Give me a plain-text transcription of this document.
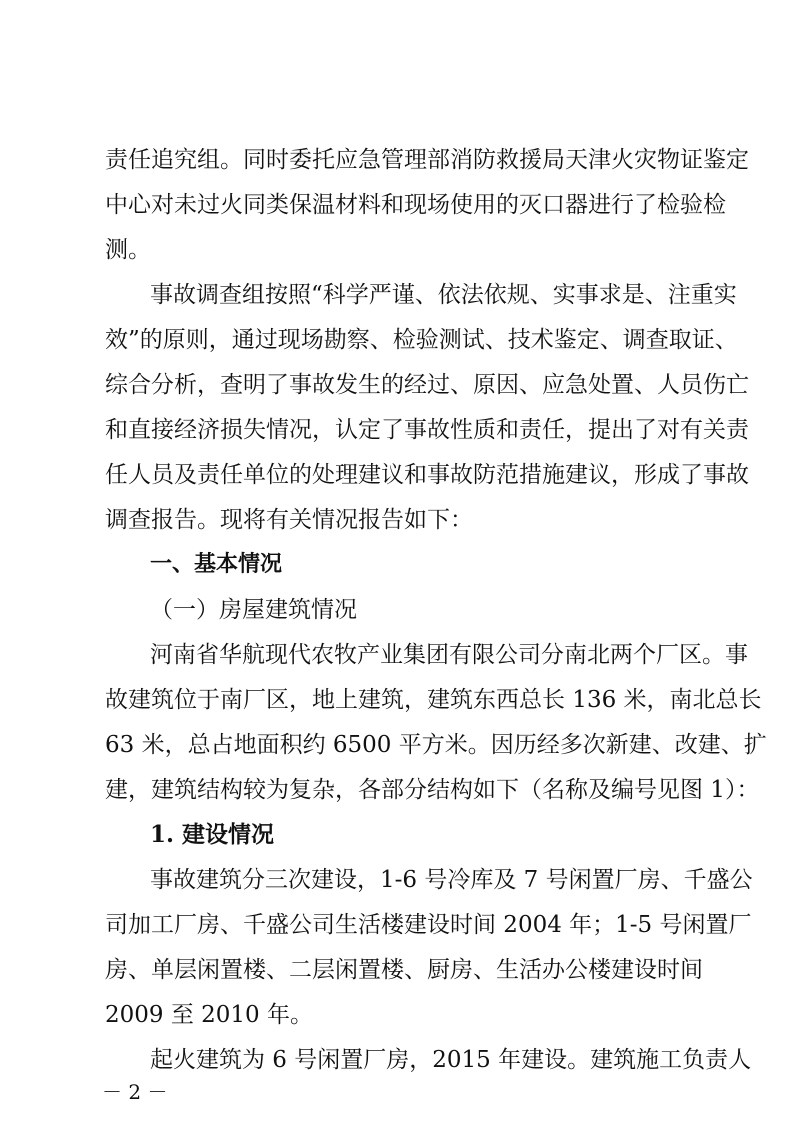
责任追究组。同时委托应急管理部消防救援局天津火灾物证鉴定
中心对未过火同类保温材料和现场使用的灭口器进行了检验检
测。
事故调查组按照“科学严谨、依法依规、实事求是、注重实
效”的原则，通过现场勘察、检验测试、技术鉴定、调查取证、
综合分析，查明了事故发生的经过、原因、应急处置、人员伤亡
和直接经济损失情况，认定了事故性质和责任，提出了对有关责
任人员及责任单位的处理建议和事故防范措施建议，形成了事故
调查报告。现将有关情况报告如下：
一、基本情况
（一）房屋建筑情况
河南省华航现代农牧产业集团有限公司分南北两个厂区。事
故建筑位于南厂区，地上建筑，建筑东西总长 136 米，南北总长
63 米，总占地面积约 6500 平方米。因历经多次新建、改建、扩
建，建筑结构较为复杂，各部分结构如下（名称及编号见图 1）：
1. 建设情况
事故建筑分三次建设，1-6 号冷库及 7 号闲置厂房、千盛公
司加工厂房、千盛公司生活楼建设时间 2004 年；1-5 号闲置厂
房、单层闲置楼、二层闲置楼、厨房、生活办公楼建设时间
2009 至 2010 年。
起火建筑为 6 号闲置厂房，2015 年建设。建筑施工负责人
－ 2 －
